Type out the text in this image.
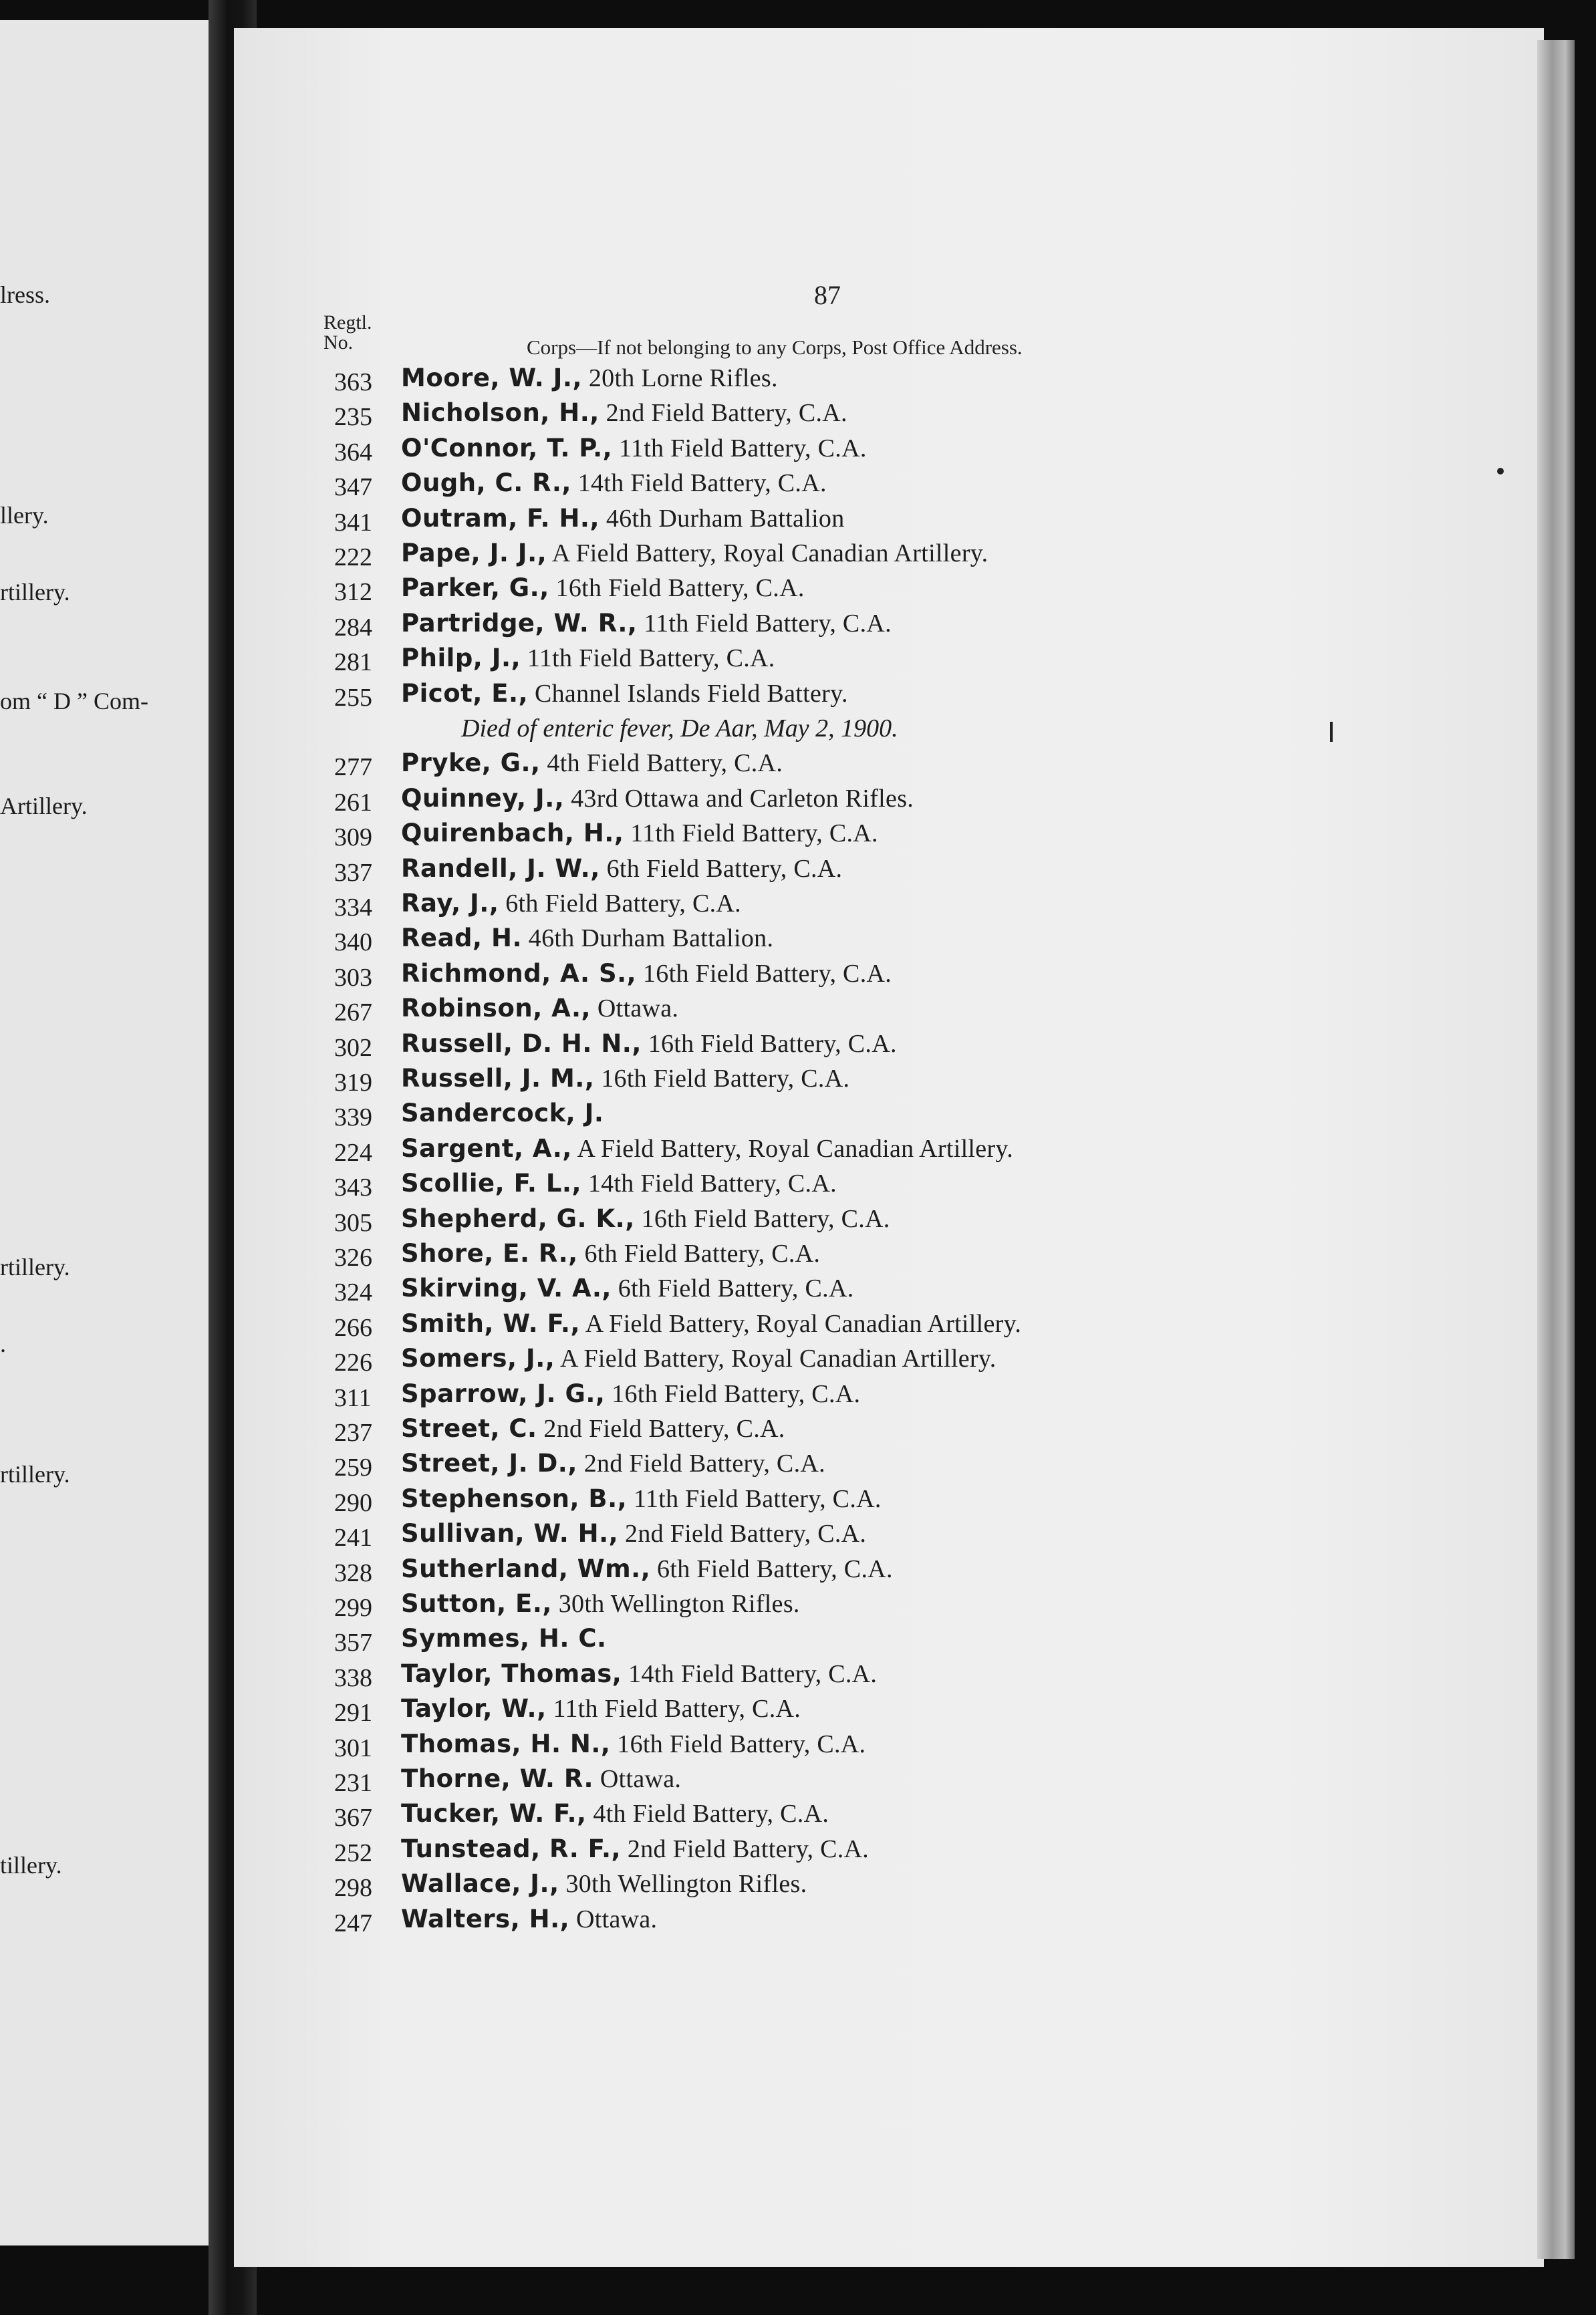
lress.
llery.
rtillery.
om “ D ” Com-
Artillery.
rtillery.
.
rtillery.
tillery.
87
Regtl.
No.	Corps—If not belonging to any Corps, Post Office Address.
363 Moore, W. J., 20th Lorne Rifles.
235 Nicholson, H., 2nd Field Battery, C.A.
364 O'Connor, T. P., 11th Field Battery, C.A.
347 Ough, C. R., 14th Field Battery, C.A.
341 Outram, F. H., 46th Durham Battalion
222 Pape, J. J., A Field Battery, Royal Canadian Artillery.
312 Parker, G., 16th Field Battery, C.A.
284 Partridge, W. R., 11th Field Battery, C.A.
281 Philp, J., 11th Field Battery, C.A.
255 Picot, E., Channel Islands Field Battery.
Died of enteric fever, De Aar, May 2, 1900.
277 Pryke, G., 4th Field Battery, C.A.
261 Quinney, J., 43rd Ottawa and Carleton Rifles.
309 Quirenbach, H., 11th Field Battery, C.A.
337 Randell, J. W., 6th Field Battery, C.A.
334 Ray, J., 6th Field Battery, C.A.
340 Read, H. 46th Durham Battalion.
303 Richmond, A. S., 16th Field Battery, C.A.
267 Robinson, A., Ottawa.
302 Russell, D. H. N., 16th Field Battery, C.A.
319 Russell, J. M., 16th Field Battery, C.A.
339 Sandercock, J.
224 Sargent, A., A Field Battery, Royal Canadian Artillery.
343 Scollie, F. L., 14th Field Battery, C.A.
305 Shepherd, G. K., 16th Field Battery, C.A.
326 Shore, E. R., 6th Field Battery, C.A.
324 Skirving, V. A., 6th Field Battery, C.A.
266 Smith, W. F., A Field Battery, Royal Canadian Artillery.
226 Somers, J., A Field Battery, Royal Canadian Artillery.
311 Sparrow, J. G., 16th Field Battery, C.A.
237 Street, C. 2nd Field Battery, C.A.
259 Street, J. D., 2nd Field Battery, C.A.
290 Stephenson, B., 11th Field Battery, C.A.
241 Sullivan, W. H., 2nd Field Battery, C.A.
328 Sutherland, Wm., 6th Field Battery, C.A.
299 Sutton, E., 30th Wellington Rifles.
357 Symmes, H. C.
338 Taylor, Thomas, 14th Field Battery, C.A.
291 Taylor, W., 11th Field Battery, C.A.
301 Thomas, H. N., 16th Field Battery, C.A.
231 Thorne, W. R. Ottawa.
367 Tucker, W. F., 4th Field Battery, C.A.
252 Tunstead, R. F., 2nd Field Battery, C.A.
298 Wallace, J., 30th Wellington Rifles.
247 Walters, H., Ottawa.
